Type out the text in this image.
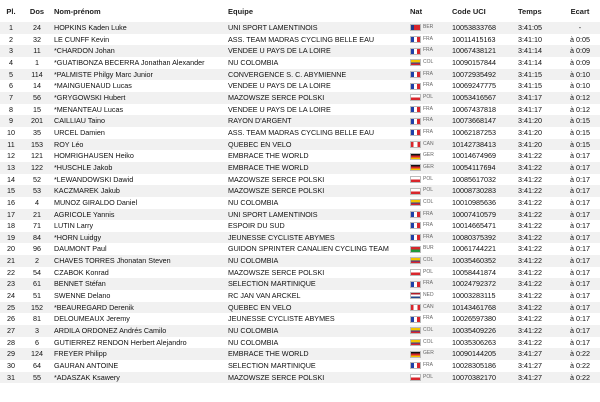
Pl.	Dos	Nom-prénom	Equipe	Nat	Code UCI	Temps	Ecart
1	24	HOPKINS Kaden Luke	UNI SPORT LAMENTINOIS	BER	10053833768	3:41:05	-
2	32	LE CUNFF Kevin	ASS. TEAM MADRAS CYCLING BELLE EAU	FRA	10011415163	3:41:10	à 0:05
3	11	*CHARDON Johan	VENDEE U PAYS DE LA LOIRE	FRA	10067438121	3:41:14	à 0:09
4	1	*GUATIBONZA BECERRA Jonathan Alexander	NU COLOMBIA	COL	10090157844	3:41:14	à 0:09
5	114	*PALMISTE Philgy Marc Junior	CONVERGENCE S. C. ABYMIENNE	FRA	10072935492	3:41:15	à 0:10
6	14	*MAINGUENAUD Lucas	VENDEE U PAYS DE LA LOIRE	FRA	10069247775	3:41:15	à 0:10
7	56	*GRYGOWSKI Hubert	MAZOWSZE SERCE POLSKI	POL	10053416567	3:41:17	à 0:12
8	15	*MENANTEAU Lucas	VENDEE U PAYS DE LA LOIRE	FRA	10067437818	3:41:17	à 0:12
9	201	CAILLIAU Taino	RAYON D'ARGENT	FRA	10073668147	3:41:20	à 0:15
10	35	URCEL Damien	ASS. TEAM MADRAS CYCLING BELLE EAU	FRA	10062187253	3:41:20	à 0:15
11	153	ROY Léo	QUEBEC EN VELO	CAN	10142738413	3:41:20	à 0:15
12	121	HOMRIGHAUSEN Heiko	EMBRACE THE WORLD	GER	10014674969	3:41:22	à 0:17
13	122	*HUSCHLE Jakob	EMBRACE THE WORLD	GER	10054117694	3:41:22	à 0:17
14	52	*LEWANDOWSKI Dawid	MAZOWSZE SERCE POLSKI	POL	10085617032	3:41:22	à 0:17
15	53	KACZMAREK Jakub	MAZOWSZE SERCE POLSKI	POL	10008730283	3:41:22	à 0:17
16	4	MUNOZ GIRALDO Daniel	NU COLOMBIA	COL	10010985636	3:41:22	à 0:17
17	21	AGRICOLE Yannis	UNI SPORT LAMENTINOIS	FRA	10007410579	3:41:22	à 0:17
18	71	LUTIN Larry	ESPOIR DU SUD	FRA	10014665471	3:41:22	à 0:17
19	84	*HORN Luidgy	JEUNESSE CYCLISTE ABYMES	FRA	10080375392	3:41:22	à 0:17
20	96	DAUMONT Paul	GUIDON SPRINTER CANALIEN CYCLING TEAM	BUR	10061744221	3:41:22	à 0:17
21	2	CHAVES TORRES Jhonatan Steven	NU COLOMBIA	COL	10035460352	3:41:22	à 0:17
22	54	CZABOK Konrad	MAZOWSZE SERCE POLSKI	POL	10058441874	3:41:22	à 0:17
23	61	BENNET Stéfan	SELECTION MARTINIQUE	FRA	10024792372	3:41:22	à 0:17
24	51	SWENNE Delano	RC JAN VAN ARCKEL	NED	10003283115	3:41:22	à 0:17
25	152	*BEAUREGARD Derenik	QUEBEC EN VELO	CAN	10143461768	3:41:22	à 0:17
26	81	DELOUMEAUX Jeremy	JEUNESSE CYCLISTE ABYMES	FRA	10026597380	3:41:22	à 0:17
27	3	ARDILA ORDONEZ Andrés Camilo	NU COLOMBIA	COL	10035409226	3:41:22	à 0:17
28	6	GUTIERREZ RENDON Herbert Alejandro	NU COLOMBIA	COL	10035306263	3:41:22	à 0:17
29	124	FREYER Philipp	EMBRACE THE WORLD	GER	10090144205	3:41:27	à 0:22
30	64	GAURAN ANTOINE	SELECTION MARTINIQUE	FRA	10028305186	3:41:27	à 0:22
31	55	*ADASZAK Ksawery	MAZOWSZE SERCE POLSKI	POL	10070382170	3:41:27	à 0:22
